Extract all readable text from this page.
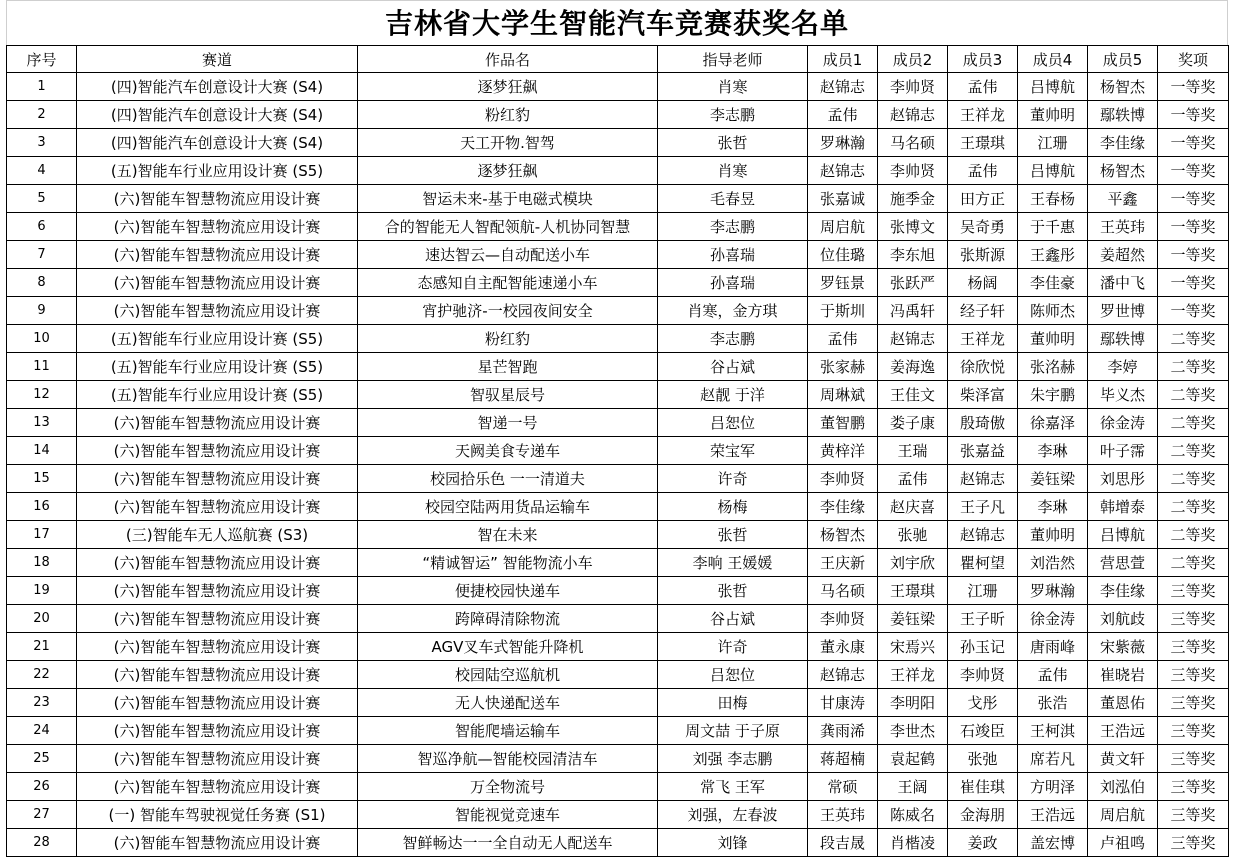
吉林省大学生智能汽车竞赛获奖名单
序号	赛道	作品名	指导老师	成员1	成员2	成员3	成员4	成员5	奖项
1	(四)智能汽车创意设计大赛 (S4)	逐梦狂飙	肖寒	赵锦志	李帅贤	孟伟	吕博航	杨智杰	一等奖
2	(四)智能汽车创意设计大赛 (S4)	粉红豹	李志鹏	孟伟	赵锦志	王祥龙	董帅明	鄢轶博	一等奖
3	(四)智能汽车创意设计大赛 (S4)	天工开物.智驾	张哲	罗琳瀚	马名硕	王璟琪	江珊	李佳缘	一等奖
4	(五)智能车行业应用设计赛 (S5)	逐梦狂飙	肖寒	赵锦志	李帅贤	孟伟	吕博航	杨智杰	一等奖
5	(六)智能车智慧物流应用设计赛	智运未来-基于电磁式模块	毛春昱	张嘉诚	施季金	田方正	王春杨	平鑫	一等奖
6	(六)智能车智慧物流应用设计赛	合的智能无人智配领航-人机协同智慧	李志鹏	周启航	张博文	吴奇勇	于千惠	王英玮	一等奖
7	(六)智能车智慧物流应用设计赛	速达智云—自动配送小车	孙喜瑞	位佳璐	李东旭	张斯源	王鑫彤	姜超然	一等奖
8	(六)智能车智慧物流应用设计赛	态感知自主配智能速递小车	孙喜瑞	罗钰景	张跃严	杨阔	李佳豪	潘中飞	一等奖
9	(六)智能车智慧物流应用设计赛	宵护驰济-一校园夜间安全	肖寒，金方琪	于斯圳	冯禹轩	经子轩	陈师杰	罗世博	一等奖
10	(五)智能车行业应用设计赛 (S5)	粉红豹	李志鹏	孟伟	赵锦志	王祥龙	董帅明	鄢轶博	二等奖
11	(五)智能车行业应用设计赛 (S5)	星芒智跑	谷占斌	张家赫	姜海逸	徐欣悦	张洺赫	李婷	二等奖
12	(五)智能车行业应用设计赛 (S5)	智驭星辰号	赵靓 于洋	周琳斌	王佳文	柴泽富	朱宇鹏	毕义杰	二等奖
13	(六)智能车智慧物流应用设计赛	智递一号	吕恕位	董智鹏	娄子康	殷琦傲	徐嘉泽	徐金涛	二等奖
14	(六)智能车智慧物流应用设计赛	天阙美食专递车	荣宝军	黄梓洋	王瑞	张嘉益	李琳	叶子霈	二等奖
15	(六)智能车智慧物流应用设计赛	校园拾乐色 一一清道夫	许奇	李帅贤	孟伟	赵锦志	姜钰梁	刘思彤	二等奖
16	(六)智能车智慧物流应用设计赛	校园空陆两用货品运输车	杨梅	李佳缘	赵庆喜	王子凡	李琳	韩增泰	二等奖
17	(三)智能车无人巡航赛 (S3)	智在未来	张哲	杨智杰	张驰	赵锦志	董帅明	吕博航	二等奖
18	(六)智能车智慧物流应用设计赛	“精诚智运” 智能物流小车	李响 王媛媛	王庆新	刘宇欣	瞿柯望	刘浩然	营思萱	二等奖
19	(六)智能车智慧物流应用设计赛	便捷校园快递车	张哲	马名硕	王璟琪	江珊	罗琳瀚	李佳缘	三等奖
20	(六)智能车智慧物流应用设计赛	跨障碍清除物流	谷占斌	李帅贤	姜钰梁	王子昕	徐金涛	刘航歧	三等奖
21	(六)智能车智慧物流应用设计赛	AGV叉车式智能升降机	许奇	董永康	宋焉兴	孙玉记	唐雨峰	宋紫薇	三等奖
22	(六)智能车智慧物流应用设计赛	校园陆空巡航机	吕恕位	赵锦志	王祥龙	李帅贤	孟伟	崔晓岩	三等奖
23	(六)智能车智慧物流应用设计赛	无人快递配送车	田梅	甘康涛	李明阳	戈彤	张浩	董恩佑	三等奖
24	(六)智能车智慧物流应用设计赛	智能爬墙运输车	周文喆 于子原	龚雨浠	李世杰	石竣臣	王柯淇	王浩远	三等奖
25	(六)智能车智慧物流应用设计赛	智巡净航—智能校园清洁车	刘强 李志鹏	蒋超楠	袁起鹤	张弛	席若凡	黄文轩	三等奖
26	(六)智能车智慧物流应用设计赛	万全物流号	常飞 王军	常硕	王阔	崔佳琪	方明泽	刘泓伯	三等奖
27	(一) 智能车驾驶视觉任务赛 (S1)	智能视觉竞速车	刘强，左春波	王英玮	陈威名	金海朋	王浩远	周启航	三等奖
28	(六)智能车智慧物流应用设计赛	智鲜畅达一一全自动无人配送车	刘锋	段吉晟	肖楷凌	姜政	盖宏博	卢祖鸣	三等奖
